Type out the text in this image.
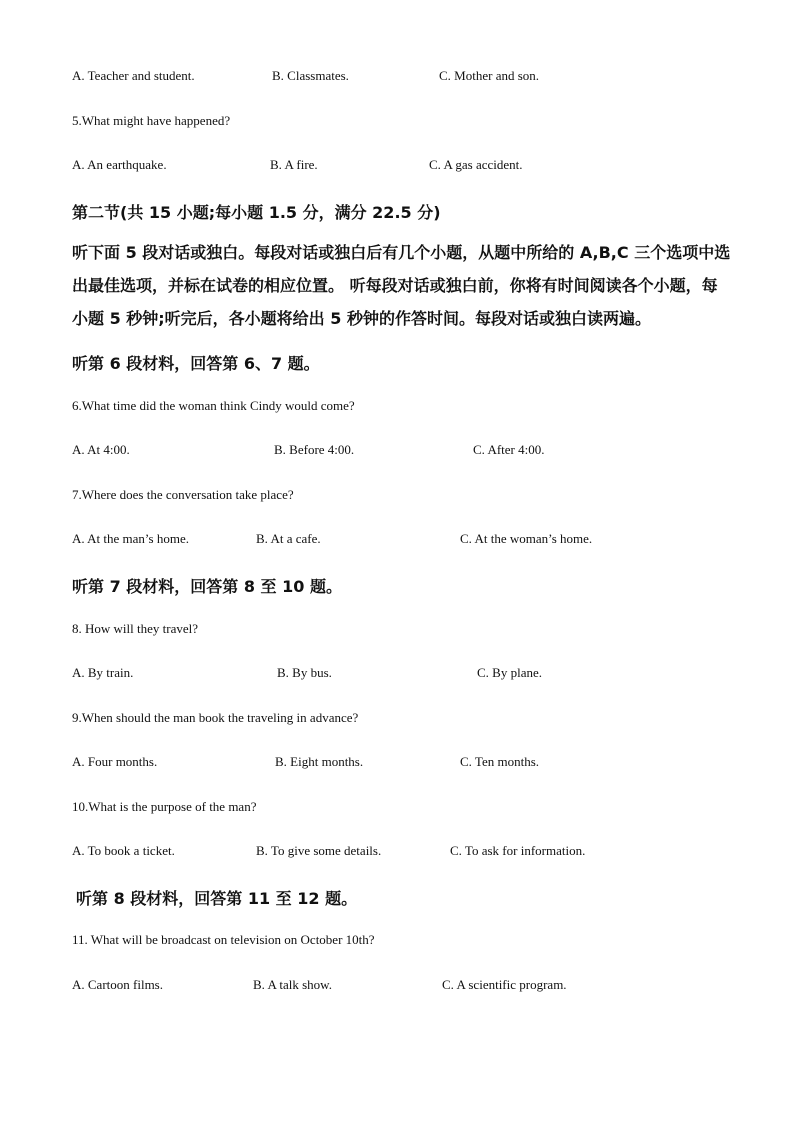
A. Teacher and student.	B. Classmates.	C. Mother and son.
5.What might have happened?
A. An earthquake.	B. A fire.	C. A gas accident.
第二节(共 15 小题;每小题 1.5 分，满分 22.5 分)
听下面 5 段对话或独白。每段对话或独白后有几个小题，从题中所给的 A,B,C 三个选项中选
出最佳选项，并标在试卷的相应位置。 听每段对话或独白前，你将有时间阅读各个小题，每
小题 5 秒钟;听完后，各小题将给出 5 秒钟的作答时间。每段对话或独白读两遍。
听第 6 段材料，回答第 6、7 题。
6.What time did the woman think Cindy would come?
A. At 4:00.	B. Before 4:00.	C. After 4:00.
7.Where does the conversation take place?
A. At the man’s home.	B. At a cafe.	C. At the woman’s home.
听第 7 段材料，回答第 8 至 10 题。
8. How will they travel?
A. By train.	B. By bus.	C. By plane.
9.When should the man book the traveling in advance?
A. Four months.	B. Eight months.	C. Ten months.
10.What is the purpose of the man?
A. To book a ticket.	B. To give some details.	C. To ask for information.
听第 8 段材料，回答第 11 至 12 题。
11. What will be broadcast on television on October 10th?
A. Cartoon films.	B. A talk show.	C. A scientific program.
